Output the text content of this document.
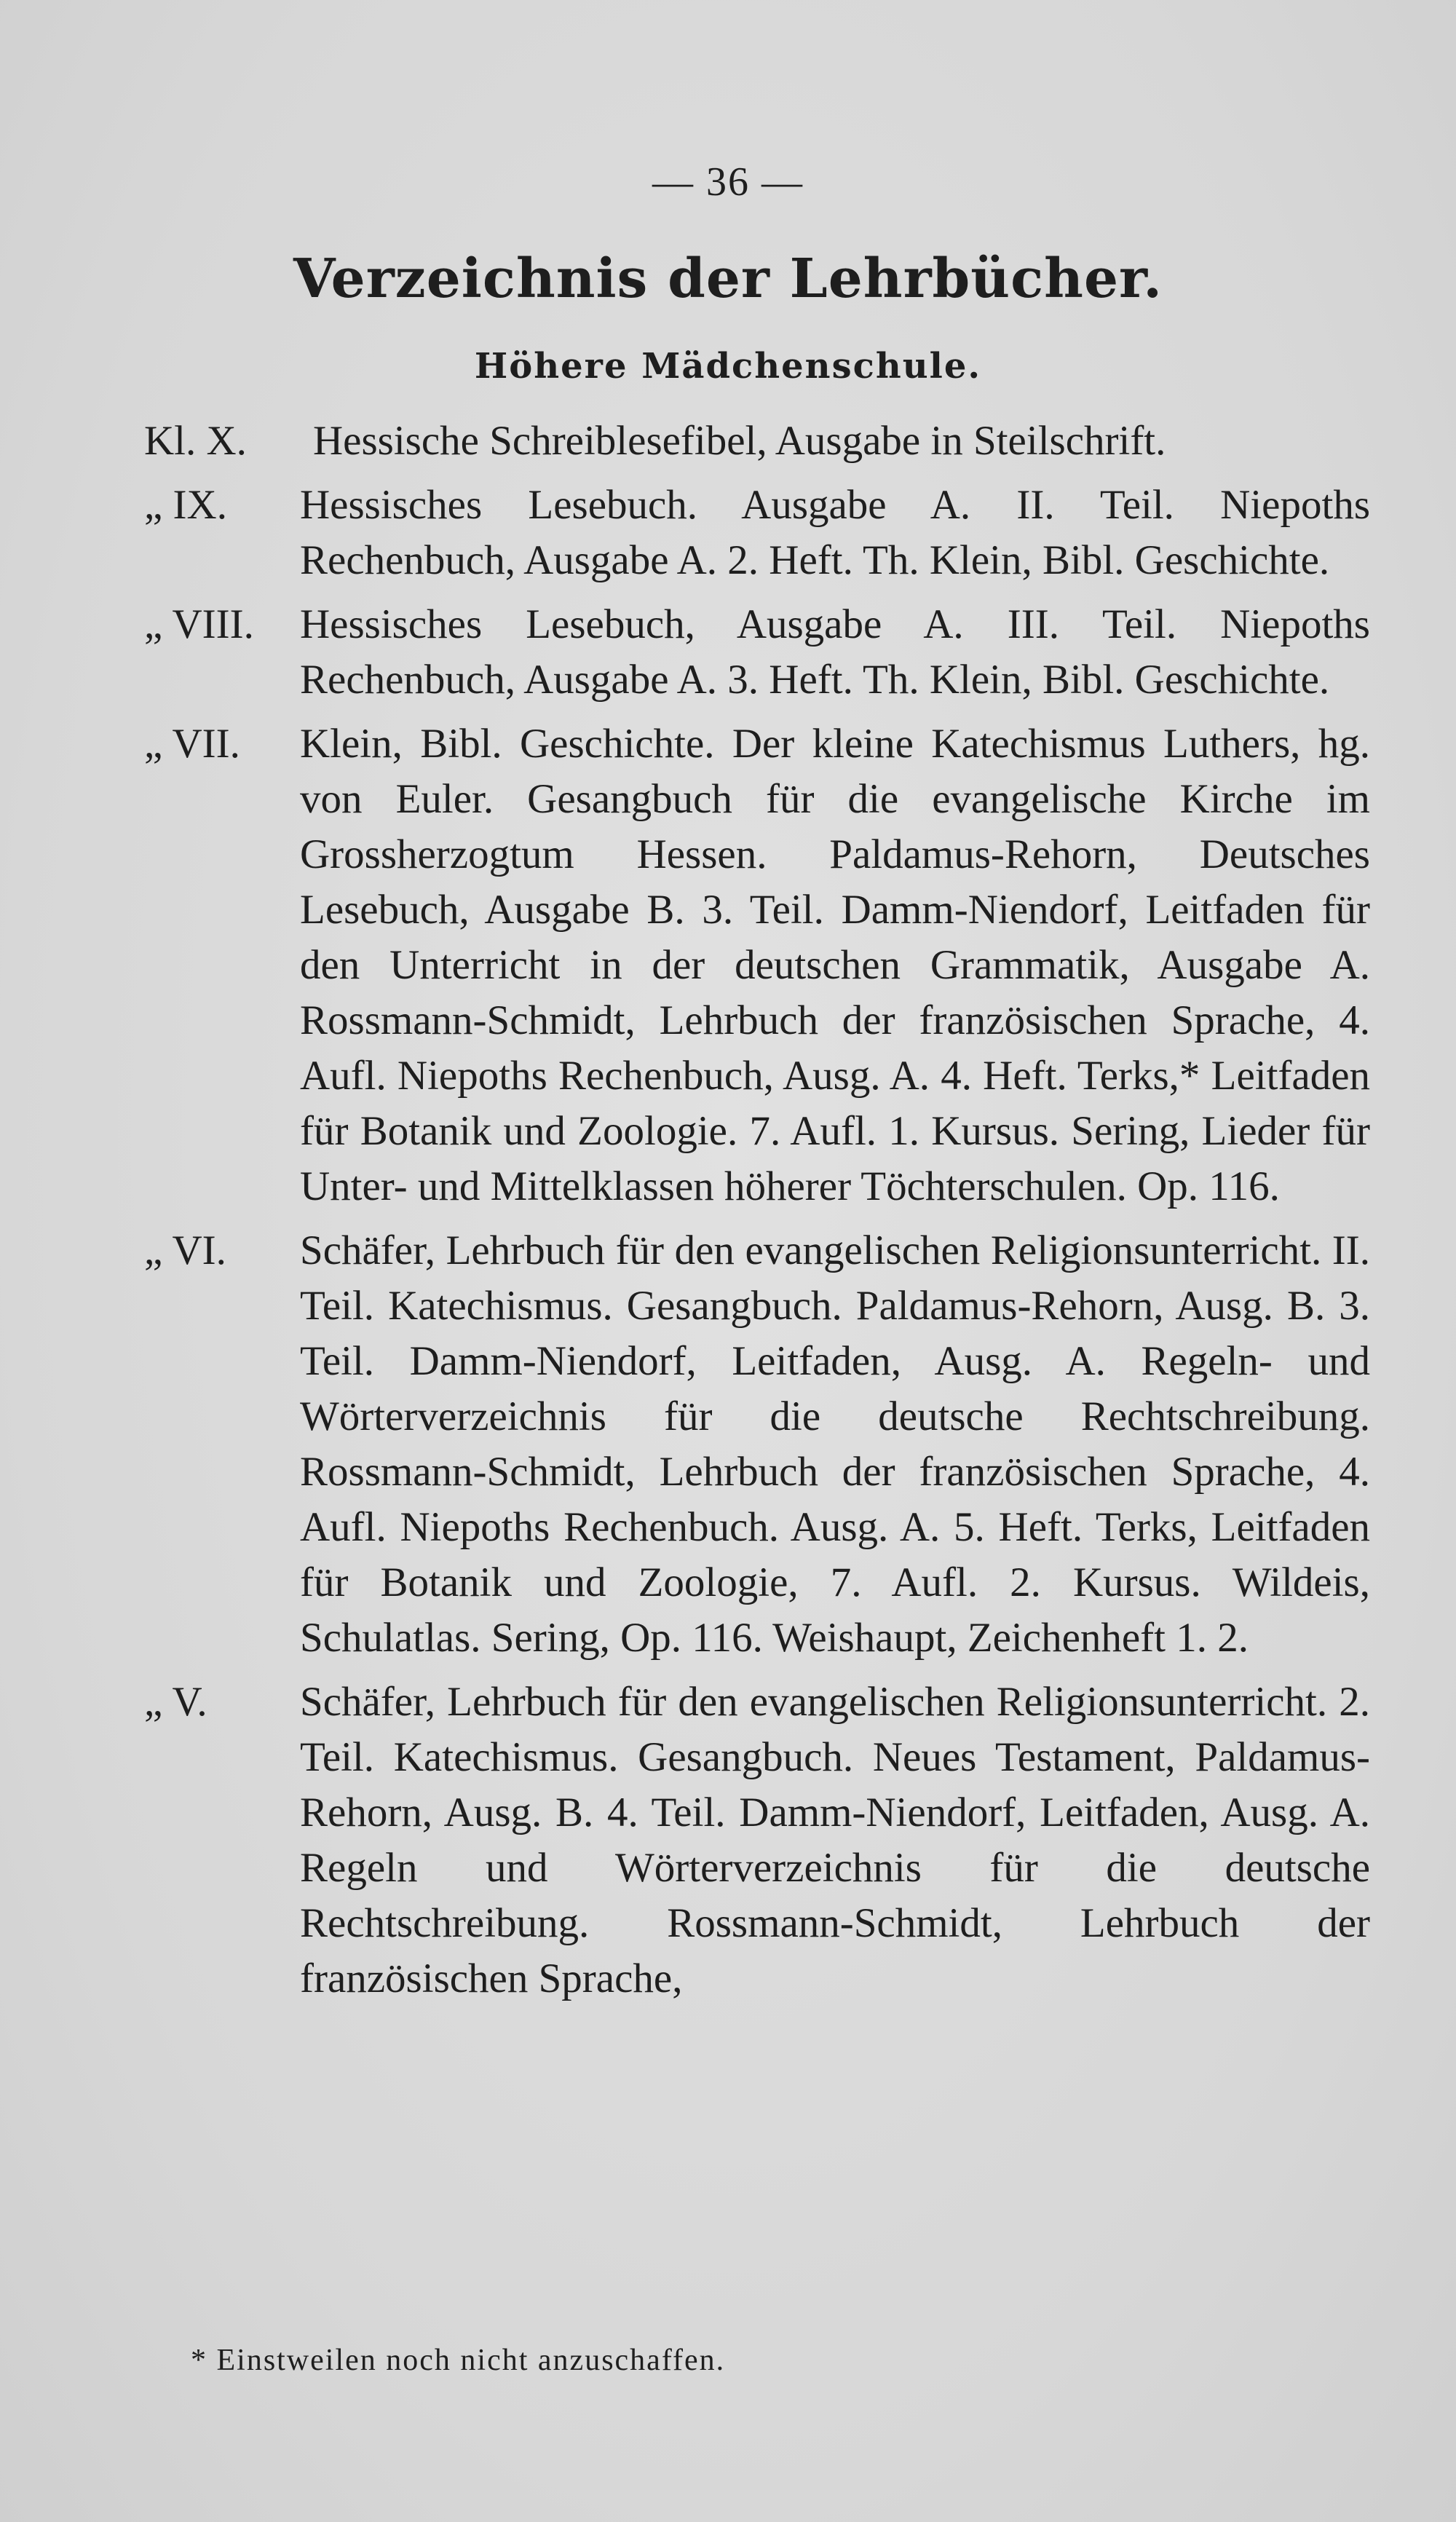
— 36 —
Verzeichnis der Lehrbücher.
Höhere Mädchenschule.
Kl. X. Hessische Schreiblesefibel, Ausgabe in Steilschrift.
„ IX. Hessisches Lesebuch. Ausgabe A. II. Teil. Niepoths Rechenbuch, Ausgabe A. 2. Heft. Th. Klein, Bibl. Geschichte.
„ VIII. Hessisches Lesebuch, Ausgabe A. III. Teil. Niepoths Rechenbuch, Ausgabe A. 3. Heft. Th. Klein, Bibl. Geschichte.
„ VII. Klein, Bibl. Geschichte. Der kleine Katechismus Luthers, hg. von Euler. Gesangbuch für die evangelische Kirche im Grossherzogtum Hessen. Paldamus-Rehorn, Deutsches Lesebuch, Ausgabe B. 3. Teil. Damm-Niendorf, Leitfaden für den Unterricht in der deutschen Grammatik, Ausgabe A. Rossmann-Schmidt, Lehrbuch der französischen Sprache, 4. Aufl. Niepoths Rechenbuch, Ausg. A. 4. Heft. Terks,* Leitfaden für Botanik und Zoologie. 7. Aufl. 1. Kursus. Sering, Lieder für Unter- und Mittelklassen höherer Töchterschulen. Op. 116.
„ VI. Schäfer, Lehrbuch für den evangelischen Religionsunterricht. II. Teil. Katechismus. Gesangbuch. Paldamus-Rehorn, Ausg. B. 3. Teil. Damm-Niendorf, Leitfaden, Ausg. A. Regeln- und Wörterverzeichnis für die deutsche Rechtschreibung. Rossmann-Schmidt, Lehrbuch der französischen Sprache, 4. Aufl. Niepoths Rechenbuch. Ausg. A. 5. Heft. Terks, Leitfaden für Botanik und Zoologie, 7. Aufl. 2. Kursus. Wildeis, Schulatlas. Sering, Op. 116. Weishaupt, Zeichenheft 1. 2.
„ V. Schäfer, Lehrbuch für den evangelischen Religionsunterricht. 2. Teil. Katechismus. Gesangbuch. Neues Testament, Paldamus-Rehorn, Ausg. B. 4. Teil. Damm-Niendorf, Leitfaden, Ausg. A. Regeln und Wörterverzeichnis für die deutsche Rechtschreibung. Rossmann-Schmidt, Lehrbuch der französischen Sprache,
* Einstweilen noch nicht anzuschaffen.
